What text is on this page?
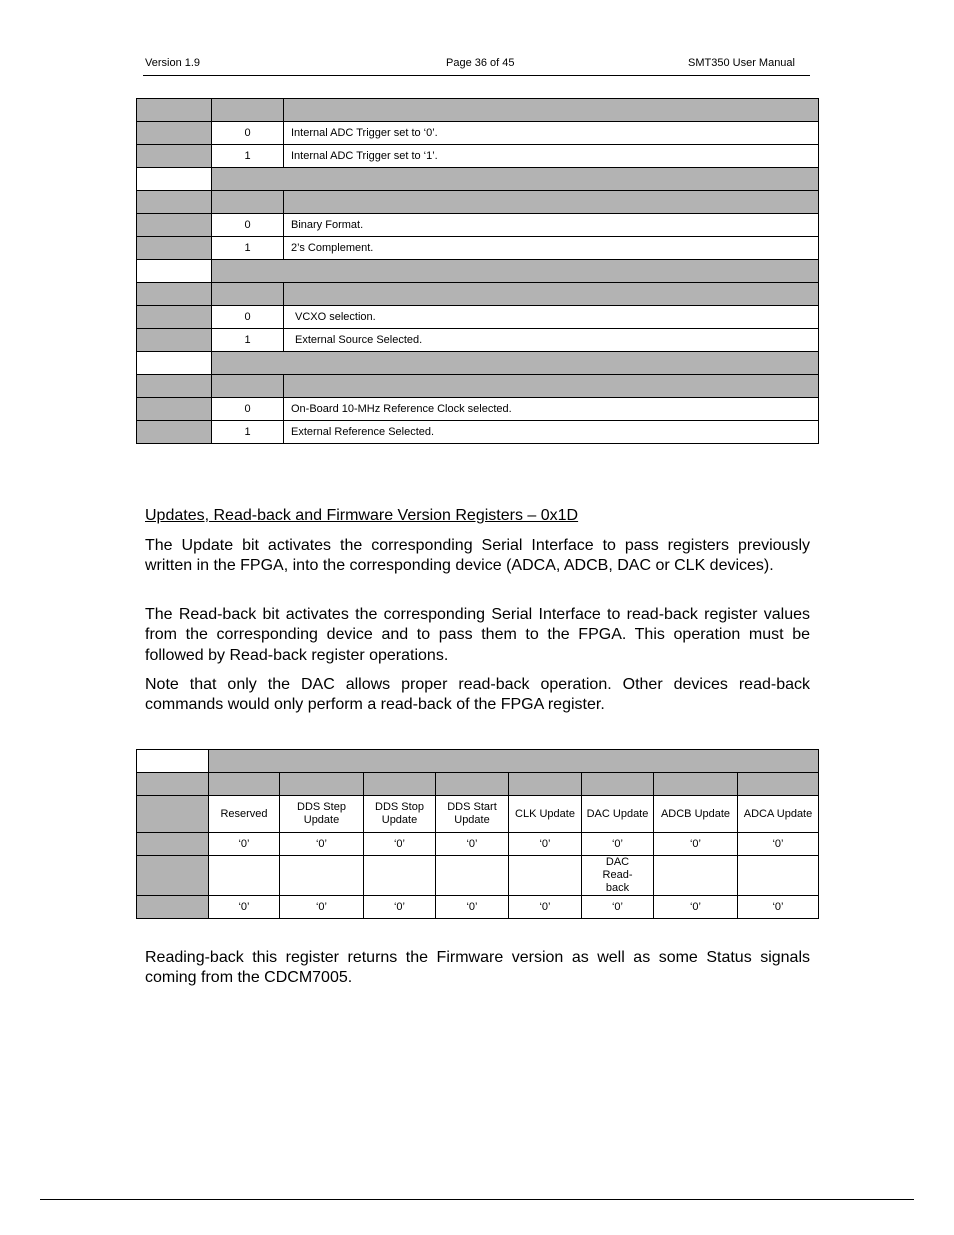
Version 1.9	Page 36 of 45	SMT350 User Manual

	0	Internal ADC Trigger set to ‘0’.
	1	Internal ADC Trigger set to ‘1’.

	0	Binary Format.
	1	2’s Complement.

	0	VCXO selection.
	1	External Source Selected.

	0	On-Board 10-MHz Reference Clock selected.
	1	External Reference Selected.
Updates, Read-back and Firmware Version Registers – 0x1D

The Update bit activates the corresponding Serial Interface to pass registers previously written in the FPGA, into the corresponding device (ADCA, ADCB, DAC or CLK devices).

The Read-back bit activates the corresponding Serial Interface to read-back register values from the corresponding device and to pass them to the FPGA. This operation must be followed by Read-back register operations.

Note that only the DAC allows proper read-back operation. Other devices read-back commands would only perform a read-back of the FPGA register.

	Reserved	DDS Step Update	DDS Stop Update	DDS Start Update	CLK Update	DAC Update	ADCB Update	ADCA Update
	‘0’	‘0’	‘0’	‘0’	‘0’	‘0’	‘0’	‘0’
						DAC Read-back		
	‘0’	‘0’	‘0’	‘0’	‘0’	‘0’	‘0’	‘0’

Reading-back this register returns the Firmware version as well as some Status signals coming from the CDCM7005.
